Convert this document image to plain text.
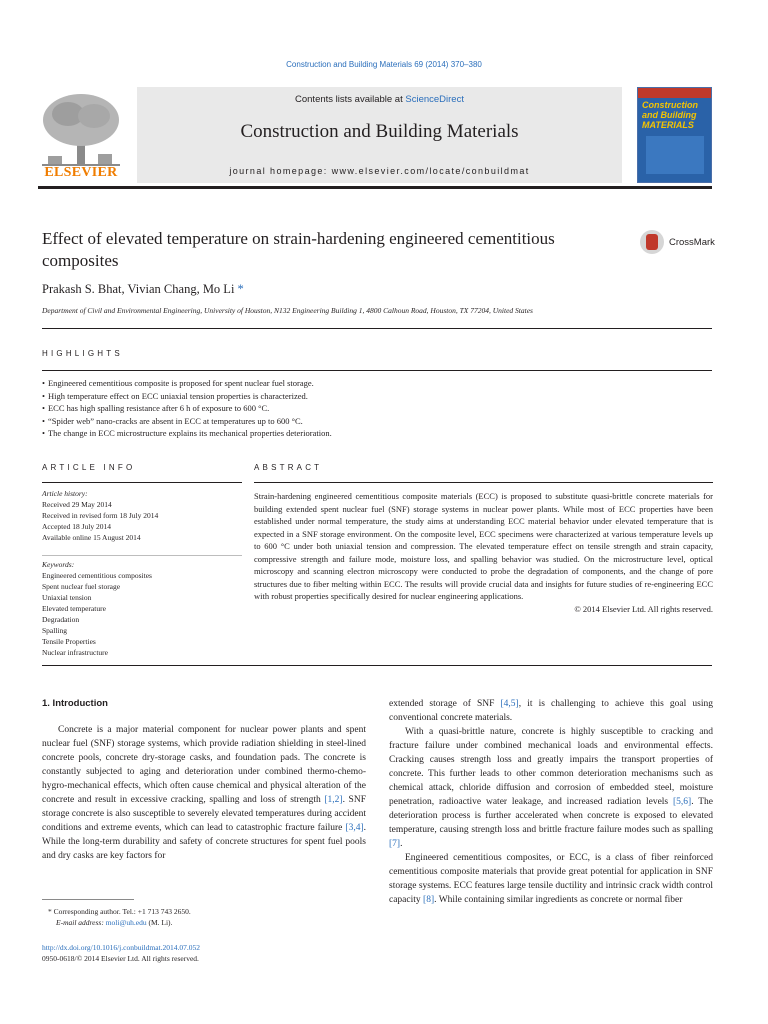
Construction and Building Materials 69 (2014) 370–380
ELSEVIER
Contents lists available at ScienceDirect
Construction and Building Materials
journal homepage: www.elsevier.com/locate/conbuildmat
Construction and Building MATERIALS
Effect of elevated temperature on strain-hardening engineered cementitious composites
CrossMark
Prakash S. Bhat, Vivian Chang, Mo Li *
Department of Civil and Environmental Engineering, University of Houston, N132 Engineering Building 1, 4800 Calhoun Road, Houston, TX 77204, United States
HIGHLIGHTS
• Engineered cementitious composite is proposed for spent nuclear fuel storage.
• High temperature effect on ECC uniaxial tension properties is characterized.
• ECC has high spalling resistance after 6 h of exposure to 600 °C.
• “Spider web” nano-cracks are absent in ECC at temperatures up to 600 °C.
• The change in ECC microstructure explains its mechanical properties deterioration.
ARTICLE INFO
Article history:
Received 29 May 2014
Received in revised form 18 July 2014
Accepted 18 July 2014
Available online 15 August 2014
Keywords:
Engineered cementitious composites
Spent nuclear fuel storage
Uniaxial tension
Elevated temperature
Degradation
Spalling
Tensile Properties
Nuclear infrastructure
ABSTRACT
Strain-hardening engineered cementitious composite materials (ECC) is proposed to substitute quasi-brittle concrete materials for building extended spent nuclear fuel (SNF) storage systems in nuclear power plants. While most of ECC properties have been established under normal temperature, the study aims at understanding ECC material behavior under elevated temperature that is expected in a SNF storage environment. On the composite level, ECC specimens were characterized at various temperature levels up to 600 °C under both uniaxial tension and compression. The elevated temperature effect on tensile strength and strain capacity, compressive strength and failure mode, moisture loss, and spalling behavior was studied. On the microstructure level, optical microscopy and scanning electron microscopy were conducted to probe the degradation of components, and the change of pore structures due to fiber melting within ECC. The results will provide crucial data and insights for future studies of re-engineering ECC with robust properties specifically desired for nuclear engineering applications.
© 2014 Elsevier Ltd. All rights reserved.
1. Introduction

Concrete is a major material component for nuclear power plants and spent nuclear fuel (SNF) storage systems, which provide radiation shielding in steel-lined concrete pools, concrete dry-storage casks, and foundation pads. The concrete is constantly subjected to aging and deterioration under combined thermo-chemo-hygro-mechanical effects, which often cause chemical and physical alteration of the concrete and result in excessive cracking, spalling and loss of strength [1,2]. SNF storage concrete is also susceptible to severely elevated temperatures during accident conditions and extreme events, which can lead to catastrophic fracture failure [3,4]. While the long-term durability and safety of concrete structures for spent fuel pools and dry casks are key factors for

extended storage of SNF [4,5], it is challenging to achieve this goal using conventional concrete materials.

With a quasi-brittle nature, concrete is highly susceptible to cracking and fracture failure under combined mechanical loads and environmental effects. Cracking causes strength loss and greatly impairs the transport properties of concrete. This further leads to other common deterioration mechanisms such as chemical attack, chloride diffusion and corrosion of embedded steel, moisture penetration, radioactive water leakage, and increased radiation levels [5,6]. The deterioration process is further accelerated when concrete is exposed to elevated temperature, causing strength loss and brittle fracture failure modes such as spalling [7].

Engineered cementitious composites, or ECC, is a class of fiber reinforced cementitious composite materials that provide great potential for application in SNF storage systems. ECC features large tensile ductility and intrinsic crack width control capacity [8]. While containing similar ingredients as concrete or normal fiber

* Corresponding author. Tel.: +1 713 743 2650.
E-mail address: moli@uh.edu (M. Li).
http://dx.doi.org/10.1016/j.conbuildmat.2014.07.052
0950-0618/© 2014 Elsevier Ltd. All rights reserved.
